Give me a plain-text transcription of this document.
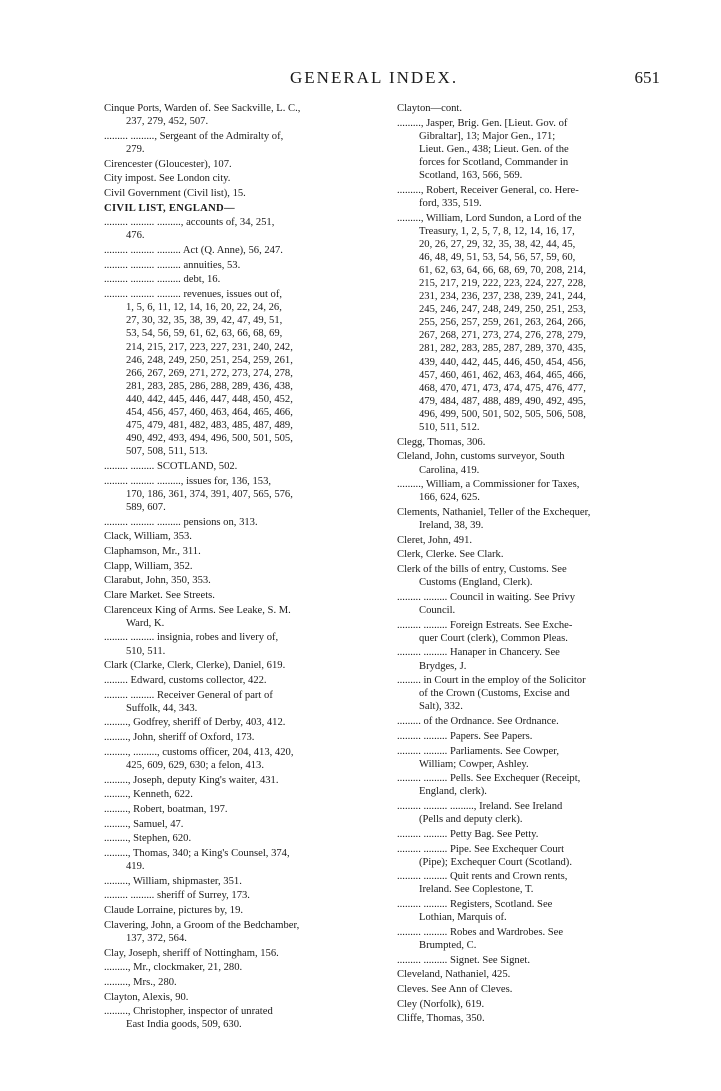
GENERAL INDEX.	651
Cinque Ports, Warden of. See Sackville, L. C.,
237, 279, 452, 507.
......... ........., Sergeant of the Admiralty of,
279.
Cirencester (Gloucester), 107.
City impost. See London city.
Civil Government (Civil list), 15.
CIVIL LIST, ENGLAND—
......... ......... ........., accounts of, 34, 251,
476.
......... ......... ......... Act (Q. Anne), 56, 247.
......... ......... ......... annuities, 53.
......... ......... ......... debt, 16.
......... ......... ......... revenues, issues out of,
1, 5, 6, 11, 12, 14, 16, 20, 22, 24, 26,
27, 30, 32, 35, 38, 39, 42, 47, 49, 51,
53, 54, 56, 59, 61, 62, 63, 66, 68, 69,
214, 215, 217, 223, 227, 231, 240, 242,
246, 248, 249, 250, 251, 254, 259, 261,
266, 267, 269, 271, 272, 273, 274, 278,
281, 283, 285, 286, 288, 289, 436, 438,
440, 442, 445, 446, 447, 448, 450, 452,
454, 456, 457, 460, 463, 464, 465, 466,
475, 479, 481, 482, 483, 485, 487, 489,
490, 492, 493, 494, 496, 500, 501, 505,
507, 508, 511, 513.
......... ......... SCOTLAND, 502.
......... ......... ........., issues for, 136, 153,
170, 186, 361, 374, 391, 407, 565, 576,
589, 607.
......... ......... ......... pensions on, 313.
Clack, William, 353.
Claphamson, Mr., 311.
Clapp, William, 352.
Clarabut, John, 350, 353.
Clare Market. See Streets.
Clarenceux King of Arms. See Leake, S. M.
Ward, K.
......... ......... insignia, robes and livery of,
510, 511.
Clark (Clarke, Clerk, Clerke), Daniel, 619.
......... Edward, customs collector, 422.
......... ......... Receiver General of part of
Suffolk, 44, 343.
........., Godfrey, sheriff of Derby, 403, 412.
........., John, sheriff of Oxford, 173.
........., ........., customs officer, 204, 413, 420,
425, 609, 629, 630; a felon, 413.
........., Joseph, deputy King's waiter, 431.
........., Kenneth, 622.
........., Robert, boatman, 197.
........., Samuel, 47.
........., Stephen, 620.
........., Thomas, 340; a King's Counsel, 374,
419.
........., William, shipmaster, 351.
......... ......... sheriff of Surrey, 173.
Claude Lorraine, pictures by, 19.
Clavering, John, a Groom of the Bedchamber,
137, 372, 564.
Clay, Joseph, sheriff of Nottingham, 156.
........., Mr., clockmaker, 21, 280.
........., Mrs., 280.
Clayton, Alexis, 90.
........., Christopher, inspector of unrated
East India goods, 509, 630.
Clayton—cont.
........., Jasper, Brig. Gen. [Lieut. Gov. of
Gibraltar], 13; Major Gen., 171;
Lieut. Gen., 438; Lieut. Gen. of the
forces for Scotland, Commander in
Scotland, 163, 566, 569.
........., Robert, Receiver General, co. Here-
ford, 335, 519.
........., William, Lord Sundon, a Lord of the
Treasury, 1, 2, 5, 7, 8, 12, 14, 16, 17,
20, 26, 27, 29, 32, 35, 38, 42, 44, 45,
46, 48, 49, 51, 53, 54, 56, 57, 59, 60,
61, 62, 63, 64, 66, 68, 69, 70, 208, 214,
215, 217, 219, 222, 223, 224, 227, 228,
231, 234, 236, 237, 238, 239, 241, 244,
245, 246, 247, 248, 249, 250, 251, 253,
255, 256, 257, 259, 261, 263, 264, 266,
267, 268, 271, 273, 274, 276, 278, 279,
281, 282, 283, 285, 287, 289, 370, 435,
439, 440, 442, 445, 446, 450, 454, 456,
457, 460, 461, 462, 463, 464, 465, 466,
468, 470, 471, 473, 474, 475, 476, 477,
479, 484, 487, 488, 489, 490, 492, 495,
496, 499, 500, 501, 502, 505, 506, 508,
510, 511, 512.
Clegg, Thomas, 306.
Cleland, John, customs surveyor, South
Carolina, 419.
........., William, a Commissioner for Taxes,
166, 624, 625.
Clements, Nathaniel, Teller of the Exchequer,
Ireland, 38, 39.
Cleret, John, 491.
Clerk, Clerke. See Clark.
Clerk of the bills of entry, Customs. See
Customs (England, Clerk).
......... ......... Council in waiting. See Privy
Council.
......... ......... Foreign Estreats. See Exche-
quer Court (clerk), Common Pleas.
......... ......... Hanaper in Chancery. See
Brydges, J.
......... in Court in the employ of the Solicitor
of the Crown (Customs, Excise and
Salt), 332.
......... of the Ordnance. See Ordnance.
......... ......... Papers. See Papers.
......... ......... Parliaments. See Cowper,
William; Cowper, Ashley.
......... ......... Pells. See Exchequer (Receipt,
England, clerk).
......... ......... ........., Ireland. See Ireland
(Pells and deputy clerk).
......... ......... Petty Bag. See Petty.
......... ......... Pipe. See Exchequer Court
(Pipe); Exchequer Court (Scotland).
......... ......... Quit rents and Crown rents,
Ireland. See Coplestone, T.
......... ......... Registers, Scotland. See
Lothian, Marquis of.
......... ......... Robes and Wardrobes. See
Brumpted, C.
......... ......... Signet. See Signet.
Cleveland, Nathaniel, 425.
Cleves. See Ann of Cleves.
Cley (Norfolk), 619.
Cliffe, Thomas, 350.
